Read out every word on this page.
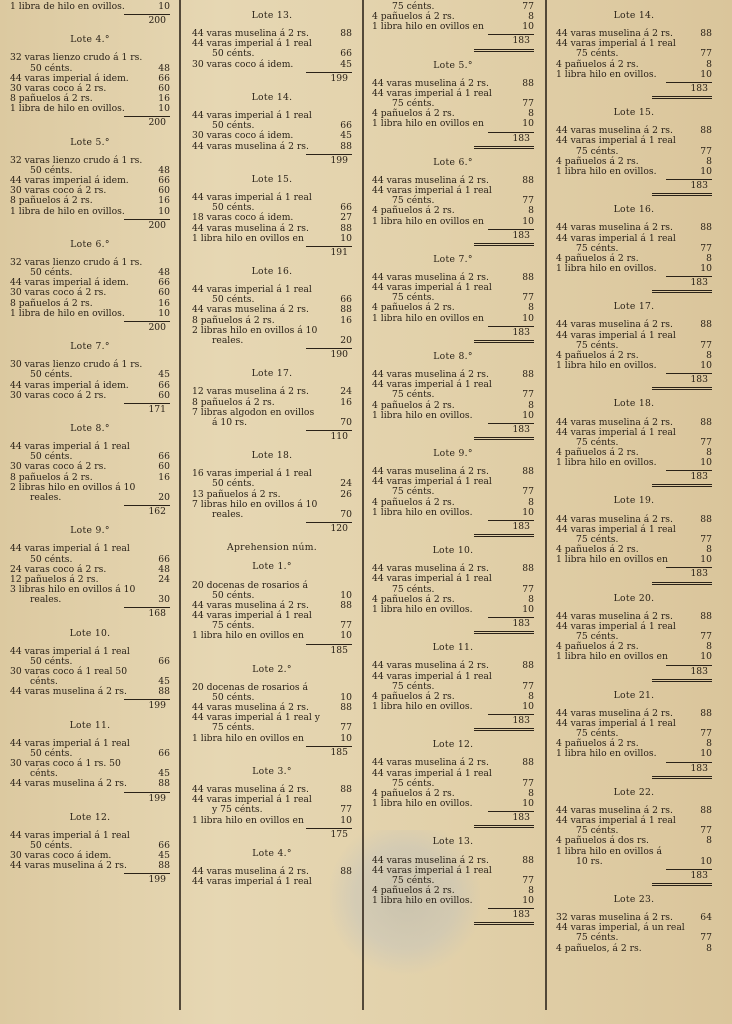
1 libra de hilo en ovillos.	10
200
Lote 4.°
32 varas lienzo crudo á 1 rs.
50 cénts.	48
44 varas imperial á idem.	66
30 varas coco á 2 rs.	60
8 pañuelos á 2 rs.	16
1 libra de hilo en ovillos.	10
200
Lote 5.°
32 varas lienzo crudo á 1 rs.
50 cénts.	48
44 varas imperial á idem.	66
30 varas coco á 2 rs.	60
8 pañuelos á 2 rs.	16
1 libra de hilo en ovillos.	10
200
Lote 6.°
32 varas lienzo crudo á 1 rs.
50 cénts.	48
44 varas imperial á idem.	66
30 varas coco á 2 rs.	60
8 pañuelos á 2 rs.	16
1 libra de hilo en ovillos.	10
200
Lote 7.°
30 varas lienzo crudo á 1 rs.
50 cénts.	45
44 varas imperial á idem.	66
30 varas coco á 2 rs.	60
171
Lote 8.°
44 varas imperial á 1 real
50 cénts.	66
30 varas coco á 2 rs.	60
8 pañuelos á 2 rs.	16
2 libras hilo en ovillos á 10
reales.	20
162
Lote 9.°
44 varas imperial á 1 real
50 cénts.	66
24 varas coco á 2 rs.	48
12 pañuelos á 2 rs.	24
3 libras hilo en ovillos á 10
reales.	30
168
Lote 10.
44 varas imperial á 1 real
50 cénts.	66
30 varas coco á 1 real 50
cénts.	45
44 varas muselina á 2 rs.	88
199
Lote 11.
44 varas imperial á 1 real
50 cénts.	66
30 varas coco á 1 rs. 50
cénts.	45
44 varas muselina á 2 rs.	88
199
Lote 12.
44 varas imperial á 1 real
50 cénts.	66
30 varas coco á idem.	45
44 varas muselina á 2 rs.	88
199
Lote 13.
44 varas muselina á 2 rs.	88
44 varas imperial á 1 real
50 cénts.	66
30 varas coco á idem.	45
199
Lote 14.
44 varas imperial á 1 real
50 cénts.	66
30 varas coco á idem.	45
44 varas muselina á 2 rs.	88
199
Lote 15.
44 varas imperial á 1 real
50 cénts.	66
18 varas coco á idem.	27
44 varas muselina á 2 rs.	88
1 libra hilo en ovillos en	10
191
Lote 16.
44 varas imperial á 1 real
50 cénts.	66
44 varas muselina á 2 rs.	88
8 pañuelos á 2 rs.	16
2 libras hilo en ovillos á 10
reales.	20
190
Lote 17.
12 varas muselina á 2 rs.	24
8 pañuelos á 2 rs.	16
7 libras algodon en ovillos
á 10 rs.	70
110
Lote 18.
16 varas imperial á 1 real
50 cénts.	24
13 pañuelos á 2 rs.	26
7 libras hilo en ovillos á 10
reales.	70
120
Aprehension núm.
Lote 1.°
20 docenas de rosarios á
50 cénts.	10
44 varas muselina á 2 rs.	88
44 varas imperial á 1 real
75 cénts.	77
1 libra hilo en ovillos en	10
185
Lote 2.°
20 docenas de rosarios á
50 cénts.	10
44 varas muselina á 2 rs.	88
44 varas imperial á 1 real y
75 cénts.	77
1 libra hilo en ovillos en	10
185
Lote 3.°
44 varas muselina á 2 rs.	88
44 varas imperial á 1 real
y 75 cénts.	77
1 libra hilo en ovillos en	10
175
Lote 4.°
44 varas muselina á 2 rs.	88
44 varas imperial á 1 real
75 cénts.	77
4 pañuelos á 2 rs.	8
1 libra hilo en ovillos en	10
183
Lote 5.°
44 varas muselina á 2 rs.	88
44 varas imperial á 1 real
75 cénts.	77
4 pañuelos á 2 rs.	8
1 libra hilo en ovillos en	10
183
Lote 6.°
44 varas muselina á 2 rs.	88
44 varas imperial á 1 real
75 cénts.	77
4 pañuelos á 2 rs.	8
1 libra hilo en ovillos en	10
183
Lote 7.°
44 varas muselina á 2 rs.	88
44 varas imperial á 1 real
75 cénts.	77
4 pañuelos á 2 rs.	8
1 libra hilo en ovillos en	10
183
Lote 8.°
44 varas muselina á 2 rs.	88
44 varas imperial á 1 real
75 cénts.	77
4 pañuelos á 2 rs.	8
1 libra hilo en ovillos.	10
183
Lote 9.°
44 varas muselina á 2 rs.	88
44 varas imperial á 1 real
75 cénts.	77
4 pañuelos á 2 rs.	8
1 libra hilo en ovillos.	10
183
Lote 10.
44 varas muselina á 2 rs.	88
44 varas imperial á 1 real
75 cénts.	77
4 pañuelos á 2 rs.	8
1 libra hilo en ovillos.	10
183
Lote 11.
44 varas muselina á 2 rs.	88
44 varas imperial á 1 real
75 cénts.	77
4 pañuelos á 2 rs.	8
1 libra hilo en ovillos.	10
183
Lote 12.
44 varas muselina á 2 rs.	88
44 varas imperial á 1 real
75 cénts.	77
4 pañuelos á 2 rs.	8
1 libra hilo en ovillos.	10
183
Lote 13.
44 varas muselina á 2 rs.	88
44 varas imperial á 1 real
75 cénts.	77
4 pañuelos á 2 rs.	8
1 libra hilo en ovillos.	10
183
Lote 14.
44 varas muselina á 2 rs.	88
44 varas imperial á 1 real
75 cénts.	77
4 pañuelos á 2 rs.	8
1 libra hilo en ovillos.	10
183
Lote 15.
44 varas muselina á 2 rs.	88
44 varas imperial á 1 real
75 cénts.	77
4 pañuelos á 2 rs.	8
1 libra hilo en ovillos.	10
183
Lote 16.
44 varas muselina á 2 rs.	88
44 varas imperial á 1 real
75 cénts.	77
4 pañuelos á 2 rs.	8
1 libra hilo en ovillos.	10
183
Lote 17.
44 varas muselina á 2 rs.	88
44 varas imperial á 1 real
75 cénts.	77
4 pañuelos á 2 rs.	8
1 libra hilo en ovillos.	10
183
Lote 18.
44 varas muselina á 2 rs.	88
44 varas imperial á 1 real
75 cénts.	77
4 pañuelos á 2 rs.	8
1 libra hilo en ovillos.	10
183
Lote 19.
44 varas muselina á 2 rs.	88
44 varas imperial á 1 real
75 cénts.	77
4 pañuelos á 2 rs.	8
1 libra hilo en ovillos en	10
183
Lote 20.
44 varas muselina á 2 rs.	88
44 varas imperial á 1 real
75 cénts.	77
4 pañuelos á 2 rs.	8
1 libra hilo en ovillos en	10
183
Lote 21.
44 varas muselina á 2 rs.	88
44 varas imperial á 1 real
75 cénts.	77
4 pañuelos á 2 rs.	8
1 libra hilo en ovillos.	10
183
Lote 22.
44 varas muselina á 2 rs.	88
44 varas imperial á 1 real
75 cénts.	77
4 pañuelos á dos rs.	8
1 libra hilo en ovillos á
10 rs.	10
183
Lote 23.
32 varas muselina á 2 rs.	64
44 varas imperial, á un real
75 cénts.	77
4 pañuelos, á 2 rs.	8
